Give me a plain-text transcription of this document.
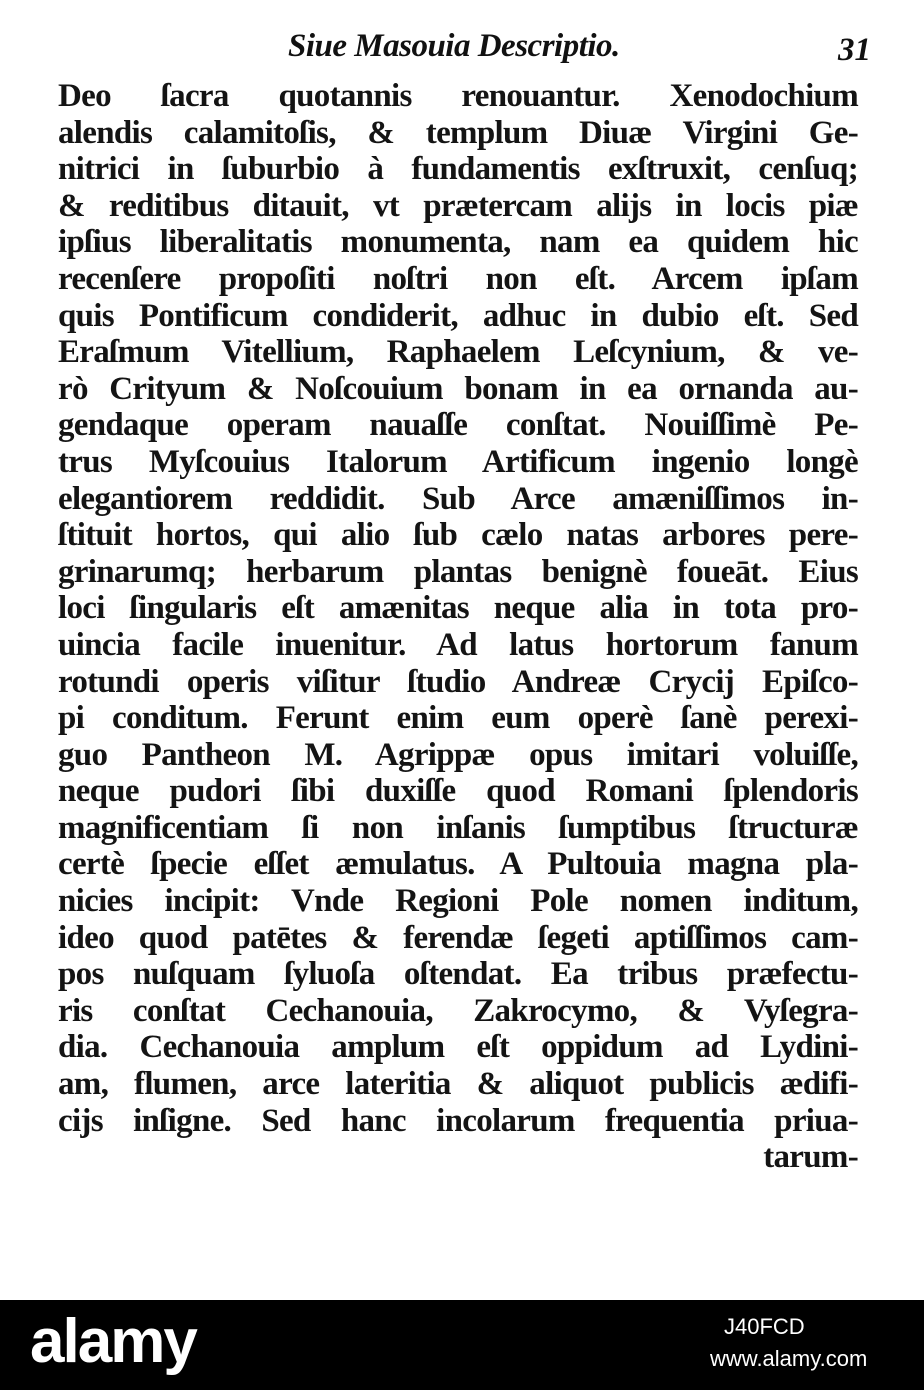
Siue Masouia Descriptio.	31
Deo ſacra quotannis renouantur. Xenodochium
alendis calamitoſis, & templum Diuæ Virgini Ge-
nitrici in ſuburbio à fundamentis exſtruxit, cenſuq;
& reditibus ditauit, vt prætercam alijs in locis piæ
ipſius liberalitatis monumenta, nam ea quidem hic
recenſere propoſiti noſtri non eſt. Arcem ipſam
quis Pontificum condiderit, adhuc in dubio eſt. Sed
Eraſmum Vitellium, Raphaelem Leſcynium, & ve-
rò Crityum & Noſcouium bonam in ea ornanda au-
gendaque operam nauaſſe conſtat. Nouiſſimè Pe-
trus Myſcouius Italorum Artificum ingenio longè
elegantiorem reddidit. Sub Arce amæniſſimos in-
ſtituit hortos, qui alio ſub cælo natas arbores pere-
grinarumq; herbarum plantas benignè foueāt. Eius
loci ſingularis eſt amænitas neque alia in tota pro-
uincia facile inuenitur. Ad latus hortorum fanum
rotundi operis viſitur ſtudio Andreæ Crycij Epiſco-
pi conditum. Ferunt enim eum operè ſanè perexi-
guo Pantheon M. Agrippæ opus imitari voluiſſe,
neque pudori ſibi duxiſſe quod Romani ſplendoris
magnificentiam ſi non inſanis ſumptibus ſtructuræ
certè ſpecie eſſet æmulatus. A Pultouia magna pla-
nicies incipit: Vnde Regioni Pole nomen inditum,
ideo quod patētes & ferendæ ſegeti aptiſſimos cam-
pos nuſquam ſyluoſa oſtendat. Ea tribus præfectu-
ris conſtat Cechanouia, Zakrocymo, & Vyſegra-
dia. Cechanouia amplum eſt oppidum ad Lydini-
am, flumen, arce lateritia & aliquot publicis ædifi-
cijs inſigne. Sed hanc incolarum frequentia priua-
tarum-
alamy	J40FCD
www.alamy.com
